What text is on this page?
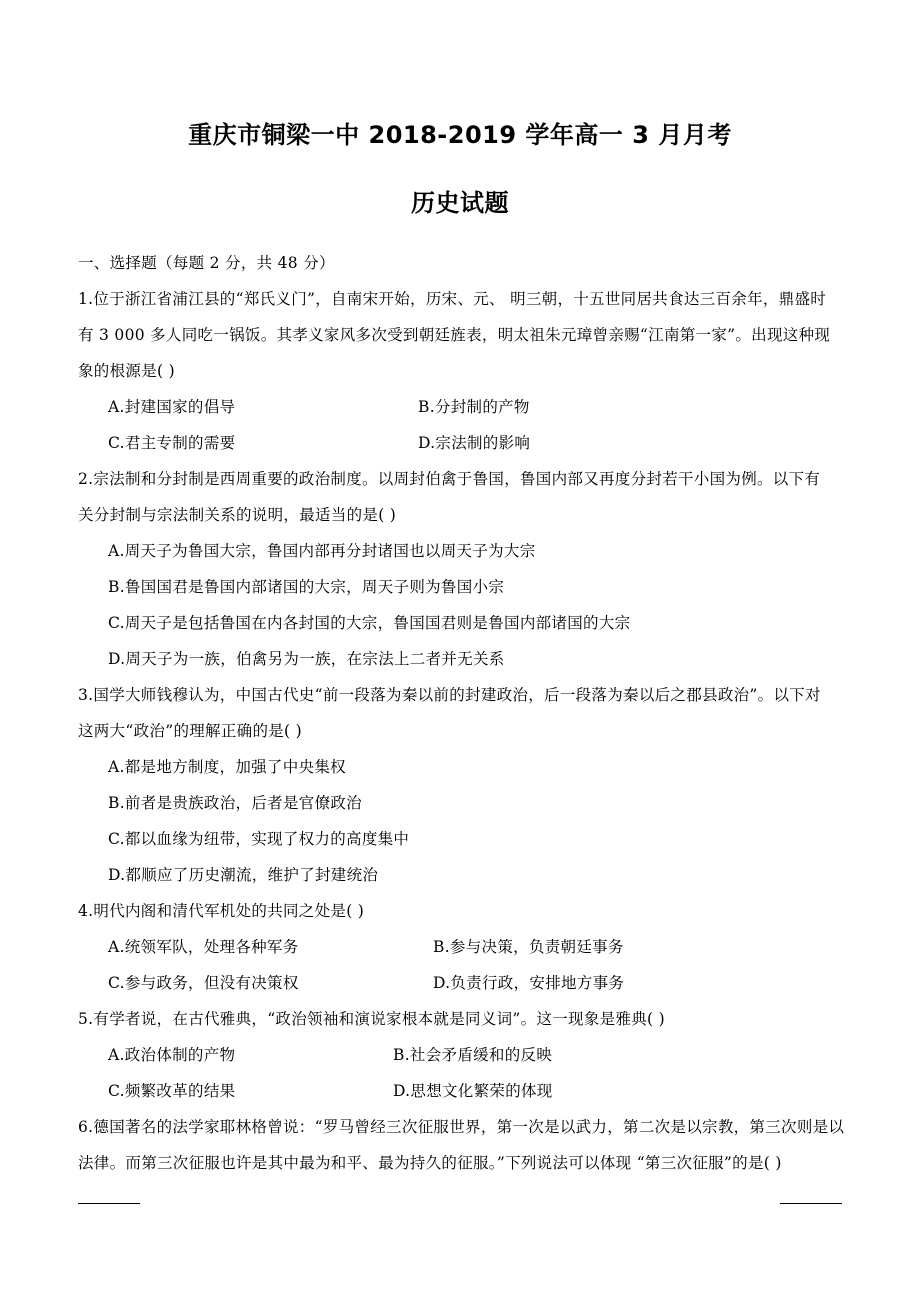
重庆市铜梁一中 2018-2019 学年高一 3 月月考
历史试题
一、选择题（每题 2 分，共 48 分）
1.位于浙江省浦江县的“郑氏义门”，自南宋开始，历宋、元、 明三朝，十五世同居共食达三百余年，鼎盛时
有 3 000 多人同吃一锅饭。其孝义家风多次受到朝廷旌表，明太祖朱元璋曾亲赐“江南第一家”。出现这种现
象的根源是( )
A.封建国家的倡导	B.分封制的产物
C.君主专制的需要	D.宗法制的影响
2.宗法制和分封制是西周重要的政治制度。以周封伯禽于鲁国，鲁国内部又再度分封若干小国为例。以下有
关分封制与宗法制关系的说明，最适当的是( )
A.周天子为鲁国大宗，鲁国内部再分封诸国也以周天子为大宗
B.鲁国国君是鲁国内部诸国的大宗，周天子则为鲁国小宗
C.周天子是包括鲁国在内各封国的大宗，鲁国国君则是鲁国内部诸国的大宗
D.周天子为一族，伯禽另为一族，在宗法上二者并无关系
3.国学大师钱穆认为，中国古代史“前一段落为秦以前的封建政治，后一段落为秦以后之郡县政治”。以下对
这两大“政治”的理解正确的是( )
A.都是地方制度，加强了中央集权
B.前者是贵族政治，后者是官僚政治
C.都以血缘为纽带，实现了权力的高度集中
D.都顺应了历史潮流，维护了封建统治
4.明代内阁和清代军机处的共同之处是( )
A.统领军队，处理各种军务	B.参与决策，负责朝廷事务
C.参与政务，但没有决策权	D.负责行政，安排地方事务
5.有学者说，在古代雅典，“政治领袖和演说家根本就是同义词”。这一现象是雅典( )
A.政治体制的产物	B.社会矛盾缓和的反映
C.频繁改革的结果	D.思想文化繁荣的体现
6.德国著名的法学家耶林格曾说：“罗马曾经三次征服世界，第一次是以武力，第二次是以宗教，第三次则是以
法律。而第三次征服也许是其中最为和平、最为持久的征服。”下列说法可以体现 “第三次征服”的是( )
